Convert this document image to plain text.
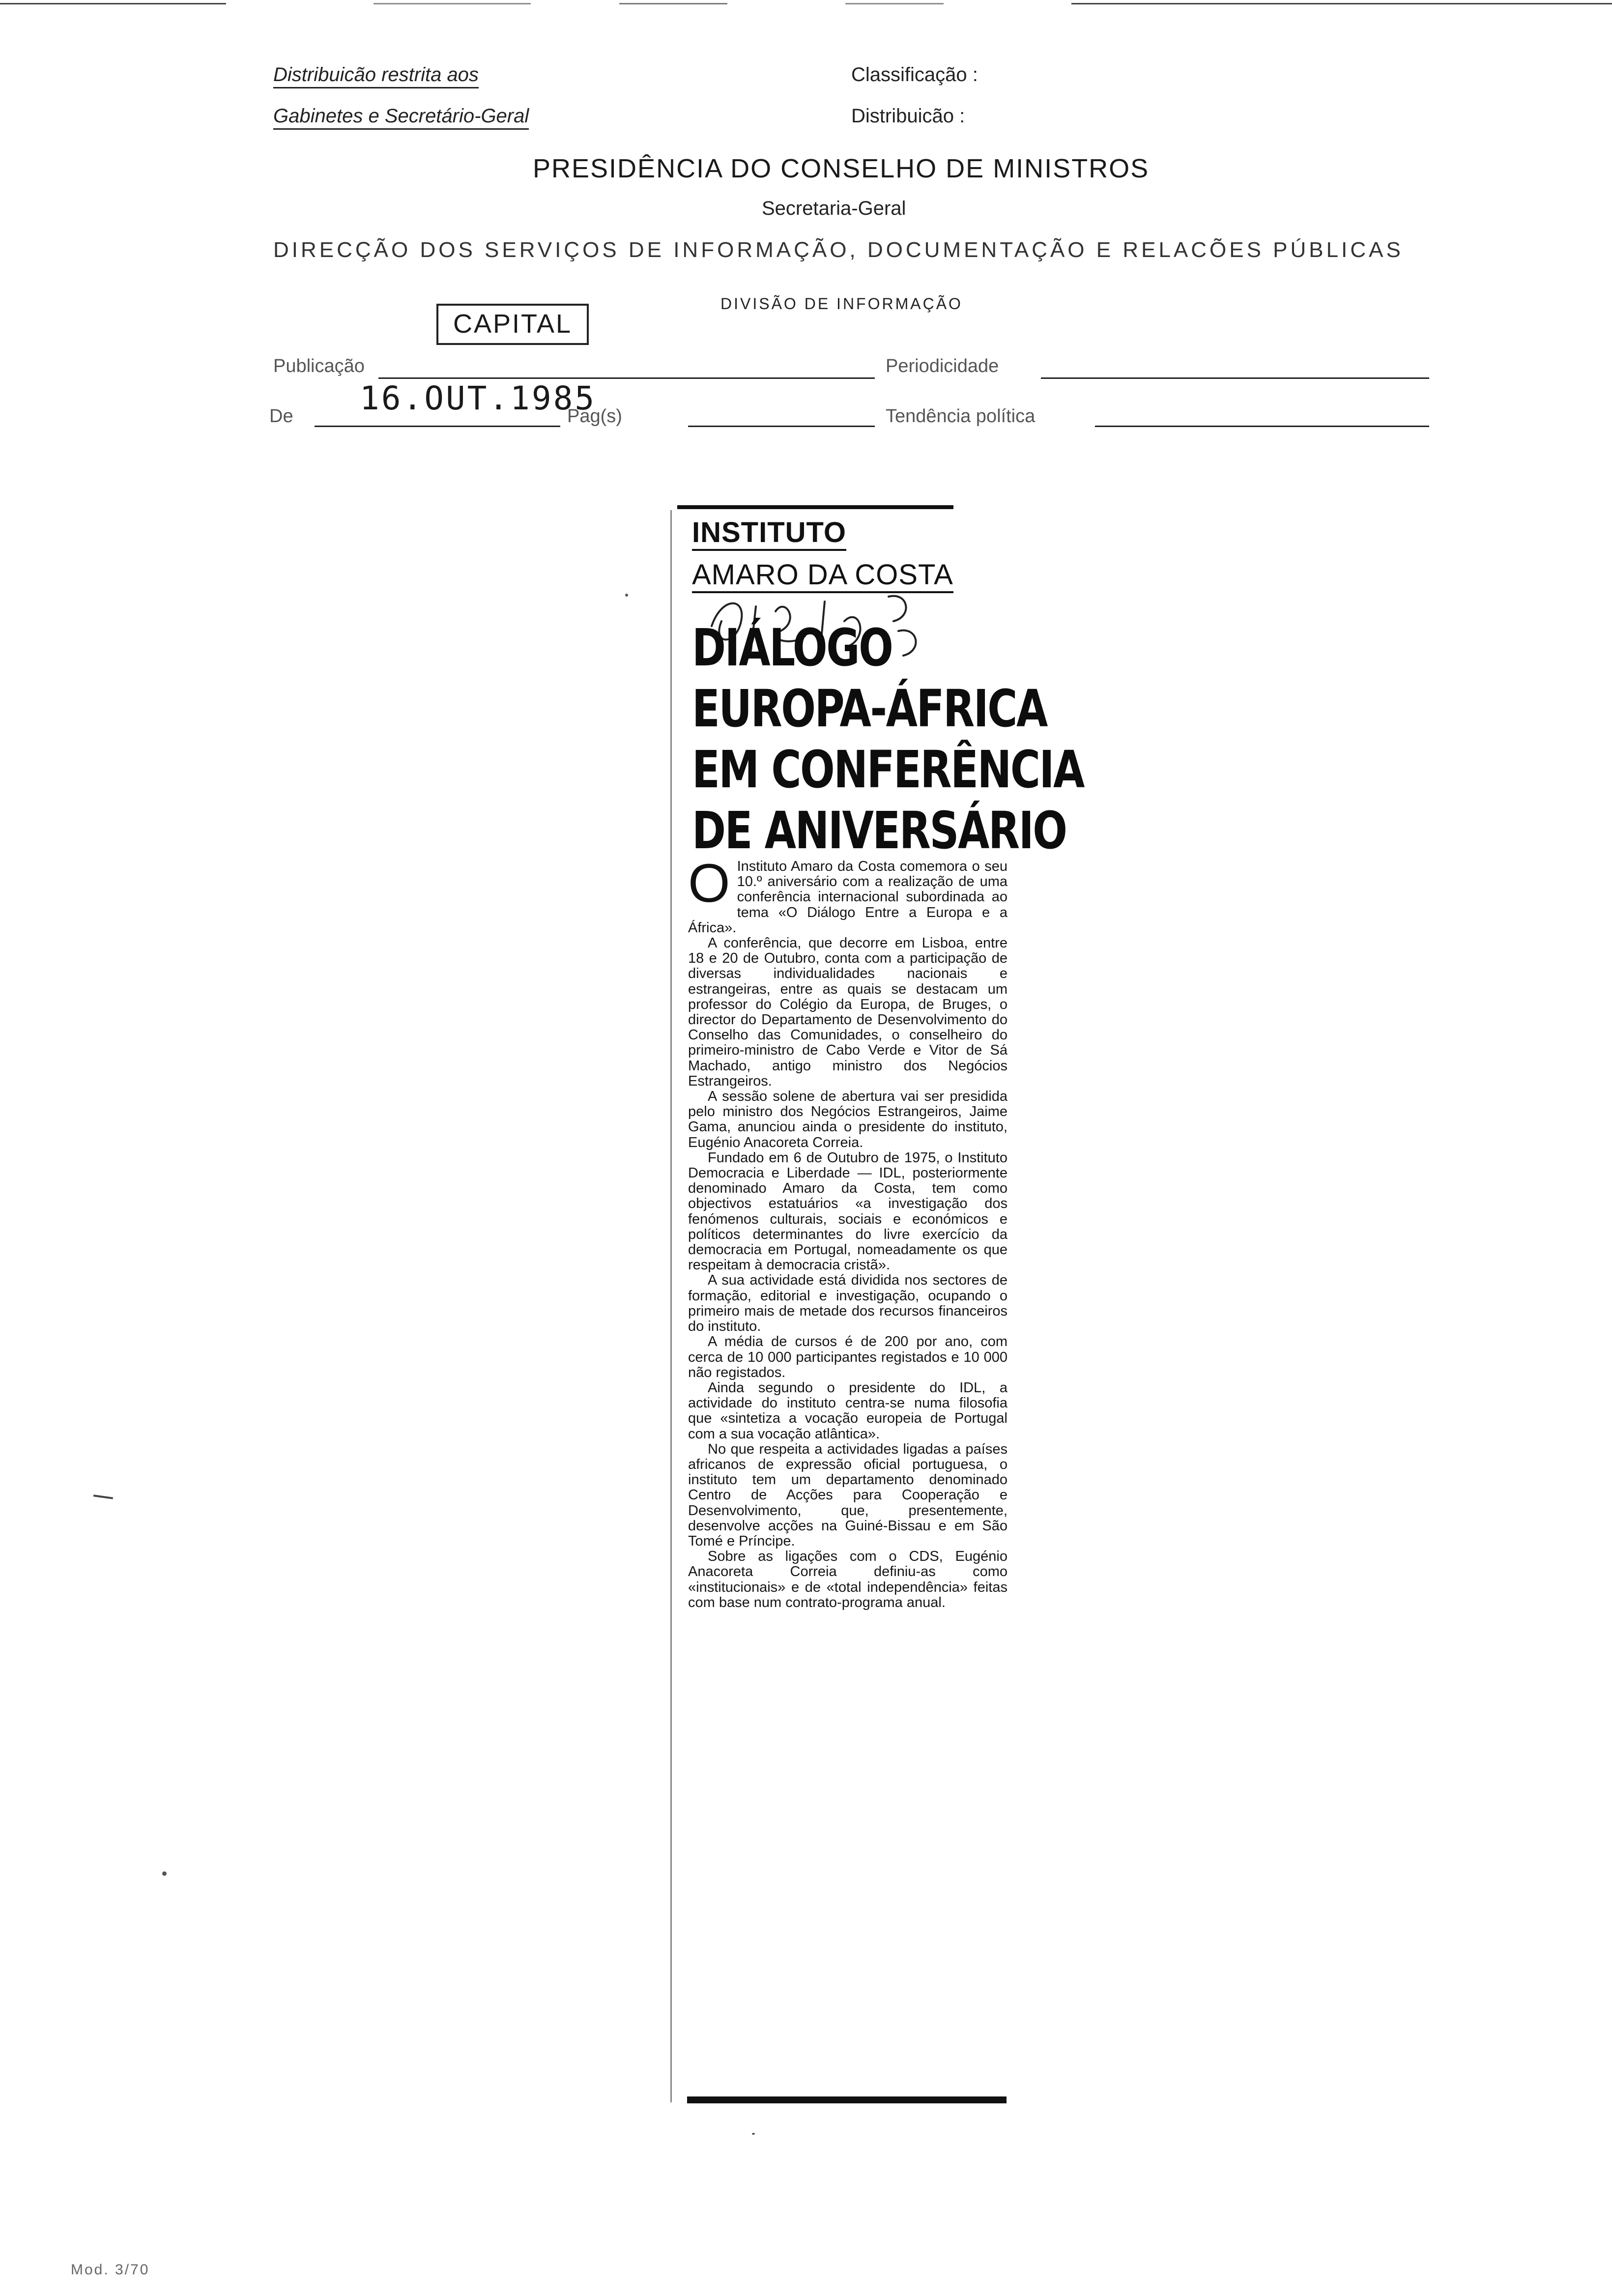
Distribuicão restrita aos
Gabinetes e Secretário-Geral
Classificação :
Distribuicão :
PRESIDÊNCIA DO CONSELHO DE MINISTROS
Secretaria-Geral
DIRECÇÃO DOS SERVIÇOS DE INFORMAÇÃO, DOCUMENTAÇÃO E RELACÕES PÚBLICAS
DIVISÃO DE INFORMAÇÃO
CAPITAL
Publicação	Periodicidade
De 16.OUT.1985
Pag(s)	Tendência política
INSTITUTO
AMARO DA COSTA
DIÁLOGO
EUROPA-ÁFRICA
EM CONFERÊNCIA
DE ANIVERSÁRIO

O Instituto Amaro da Costa comemora o seu 10.º aniversário com a realização de uma conferência internacional subordinada ao tema «O Diálogo Entre a Europa e a África».

A conferência, que decorre em Lisboa, entre 18 e 20 de Outubro, conta com a participação de diversas individualidades nacionais e estrangeiras, entre as quais se destacam um professor do Colégio da Europa, de Bruges, o director do Departamento de Desenvolvimento do Conselho das Comunidades, o conselheiro do primeiro-ministro de Cabo Verde e Vitor de Sá Machado, antigo ministro dos Negócios Estrangeiros.

A sessão solene de abertura vai ser presidida pelo ministro dos Negócios Estrangeiros, Jaime Gama, anunciou ainda o presidente do instituto, Eugénio Anacoreta Correia.

Fundado em 6 de Outubro de 1975, o Instituto Democracia e Liberdade — IDL, posteriormente denominado Amaro da Costa, tem como objectivos estatuários «a investigação dos fenómenos culturais, sociais e económicos e políticos determinantes do livre exercício da democracia em Portugal, nomeadamente os que respeitam à democracia cristã».

A sua actividade está dividida nos sectores de formação, editorial e investigação, ocupando o primeiro mais de metade dos recursos financeiros do instituto.

A média de cursos é de 200 por ano, com cerca de 10 000 participantes registados e 10 000 não registados.

Ainda segundo o presidente do IDL, a actividade do instituto centra-se numa filosofia que «sintetiza a vocação europeia de Portugal com a sua vocação atlântica».

No que respeita a actividades ligadas a países africanos de expressão oficial portuguesa, o instituto tem um departamento denominado Centro de Acções para Cooperação e Desenvolvimento, que, presentemente, desenvolve acções na Guiné-Bissau e em São Tomé e Príncipe.

Sobre as ligações com o CDS, Eugénio Anacoreta Correia definiu-as como «institucionais» e de «total independência» feitas com base num contrato-programa anual.

Mod. 3/70
